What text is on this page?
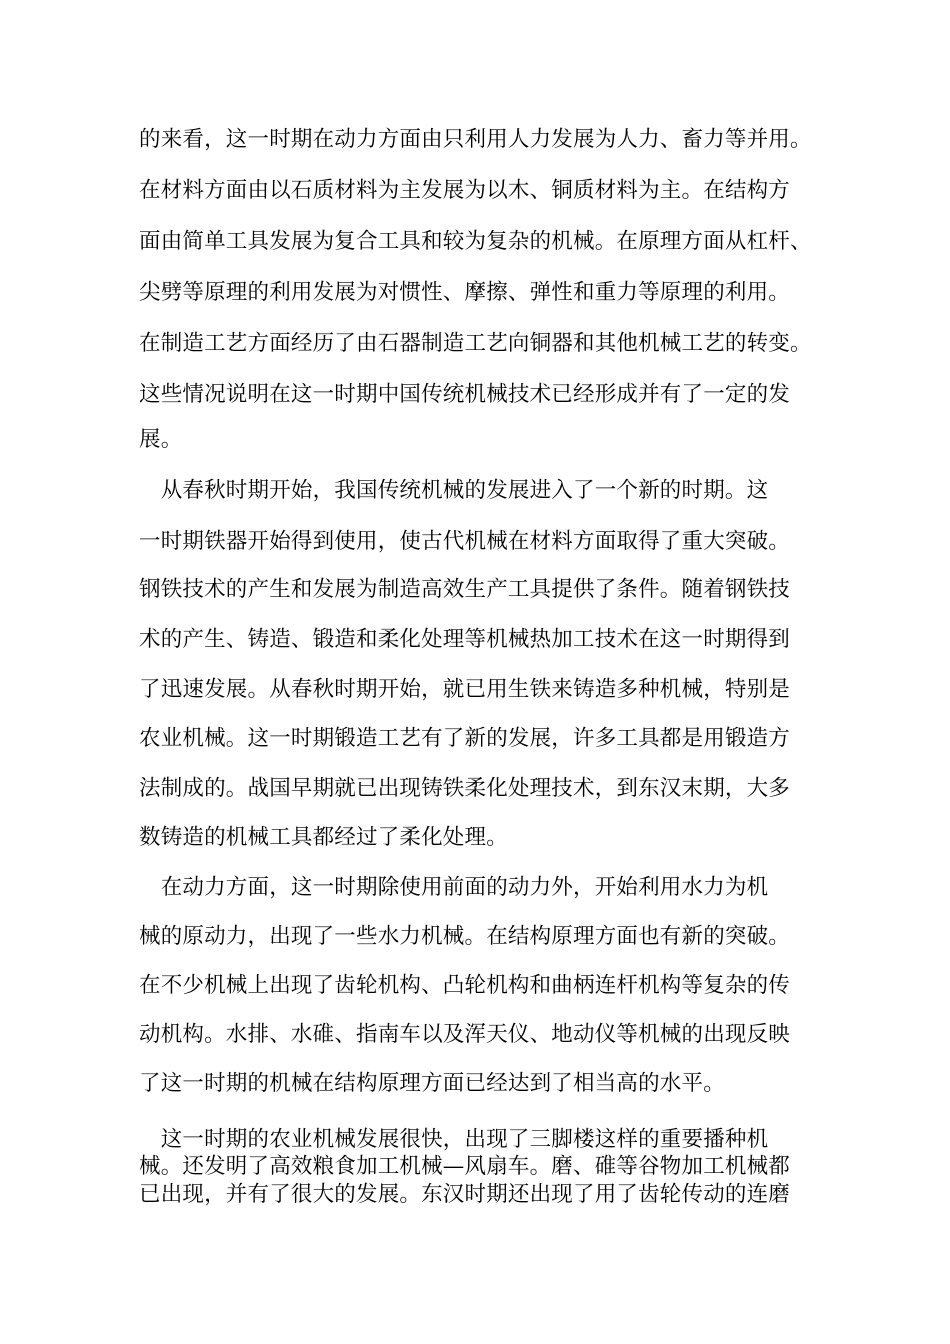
的来看，这一时期在动力方面由只利用人力发展为人力、畜力等并用。
在材料方面由以石质材料为主发展为以木、铜质材料为主。在结构方
面由简单工具发展为复合工具和较为复杂的机械。在原理方面从杠杆、
尖劈等原理的利用发展为对惯性、摩擦、弹性和重力等原理的利用。
在制造工艺方面经历了由石器制造工艺向铜器和其他机械工艺的转变。
这些情况说明在这一时期中国传统机械技术已经形成并有了一定的发
展。
　从春秋时期开始，我国传统机械的发展进入了一个新的时期。这
一时期铁器开始得到使用，使古代机械在材料方面取得了重大突破。
钢铁技术的产生和发展为制造高效生产工具提供了条件。随着钢铁技
术的产生、铸造、锻造和柔化处理等机械热加工技术在这一时期得到
了迅速发展。从春秋时期开始，就已用生铁来铸造多种机械，特别是
农业机械。这一时期锻造工艺有了新的发展，许多工具都是用锻造方
法制成的。战国早期就已出现铸铁柔化处理技术，到东汉末期，大多
数铸造的机械工具都经过了柔化处理。
　在动力方面，这一时期除使用前面的动力外，开始利用水力为机
械的原动力，出现了一些水力机械。在结构原理方面也有新的突破。
在不少机械上出现了齿轮机构、凸轮机构和曲柄连杆机构等复杂的传
动机构。水排、水碓、指南车以及浑天仪、地动仪等机械的出现反映
了这一时期的机械在结构原理方面已经达到了相当高的水平。
　这一时期的农业机械发展很快，出现了三脚楼这样的重要播种机
械。还发明了高效粮食加工机械—风扇车。磨、碓等谷物加工机械都
已出现，并有了很大的发展。东汉时期还出现了用了齿轮传动的连磨
